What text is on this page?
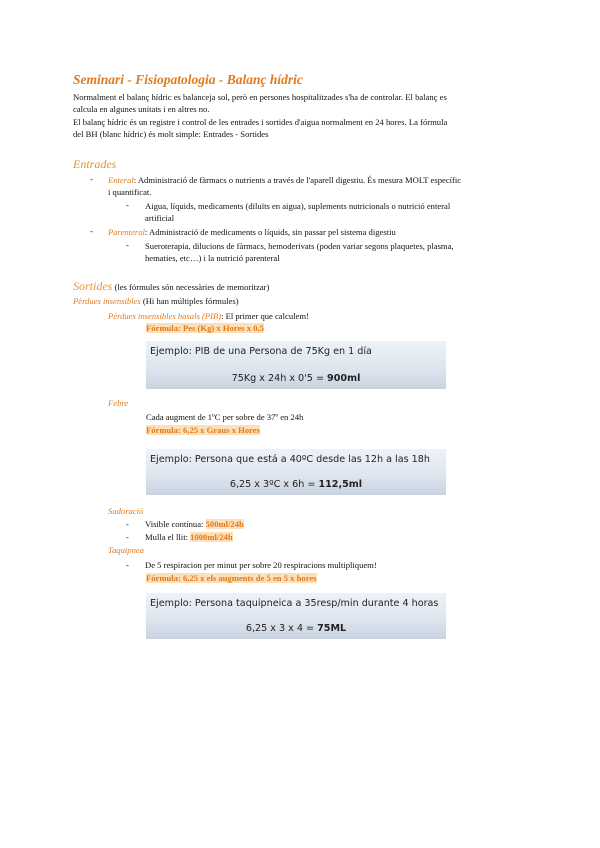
Seminari - Fisiopatologia - Balanç hídric
Normalment el balanç hídric es balanceja sol, però en persones hospitalitzades s'ha de controlar. El balanç es
calcula en algunes unitats i en altres no.
El balanç hídric és un registre i control de les entrades i sortides d'aigua normalment en 24 hores. La fórmula
del BH (blanc hídric) és molt simple: Entrades - Sortides
Entrades
- Enteral: Administració de fàrmacs o nutrients a través de l'aparell digestiu. És mesura MOLT específic
i quantificat.
- Aigua, líquids, medicaments (diluïts en aigua), suplements nutricionals o nutrició enteral
artificial
- Parenteral: Administració de medicaments o líquids, sin passar pel sistema digestiu
- Sueroterapia, dilucions de fàrmacs, hemoderivats (poden variar segons plaquetes, plasma,
hematies, etc…) i la nutrició parenteral
Sortides (les fórmules són necessàries de memoritzar)
Pèrdues insensibles (Hi han múltiples fórmules)
Pèrdues insensibles basals (PIB): El primer que calculem!
Fórmula: Pes (Kg) x Hores x 0,5
Ejemplo: PIB de una Persona de 75Kg en 1 día
75Kg x 24h x 0'5 = 900ml
Febre
Cada augment de 1ºC per sobre de 37º en 24h
Fórmula: 6,25 x Graus x Hores
Ejemplo: Persona que está a 40ºC desde las 12h a las 18h
6,25 x 3ºC x 6h = 112,5ml
Sudoració
- Visible contínua: 500ml/24h
- Mulla el llit: 1000ml/24h
Taquipnea
- De 5 respiracion per minut per sobre 20 respiracions multipliquem!
Fórmula: 6,25 x els augments de 5 en 5 x hores
Ejemplo: Persona taquipneica a 35resp/min durante 4 horas
6,25 x 3 x 4 = 75ML
